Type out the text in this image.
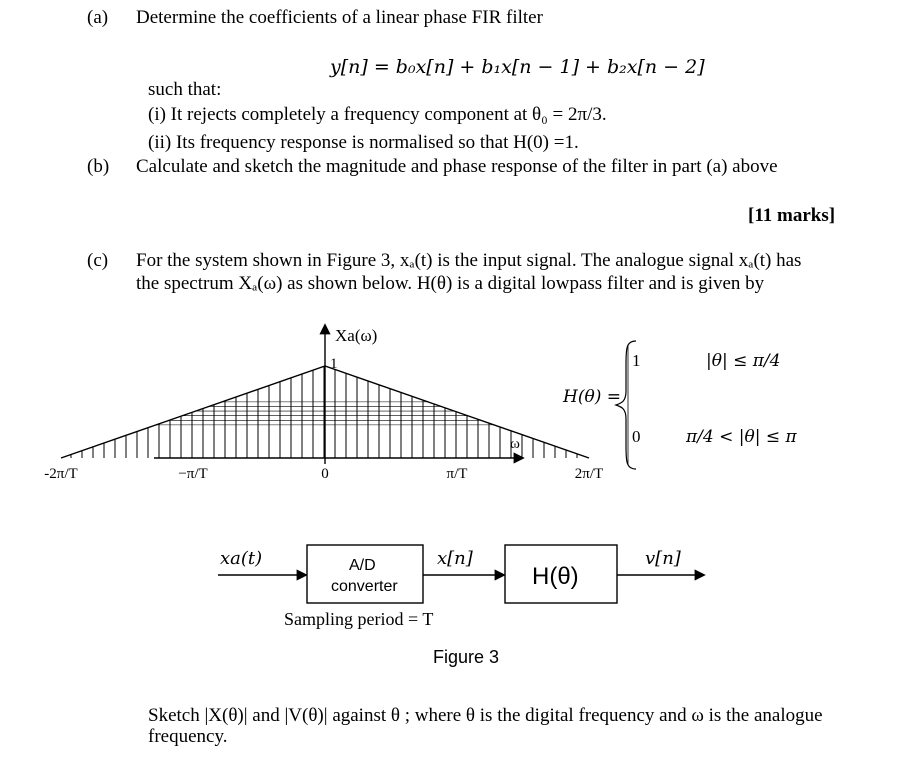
(a) Determine the coefficients of a linear phase FIR filter
y[n] = b₀x[n] + b₁x[n − 1] + b₂x[n − 2]
such that:
(i) It rejects completely a frequency component at θ₀ = 2π/3.
(ii) Its frequency response is normalised so that H(0) =1.
(b) Calculate and sketch the magnitude and phase response of the filter in part (a) above
[11 marks]
(c) For the system shown in Figure 3, xₐ(t) is the input signal. The analogue signal xₐ(t) has
the spectrum Xₐ(ω) as shown below. H(θ) is a digital lowpass filter and is given by
Xa(ω)
1
ω
-2π/T	−π/T	0	π/T	2π/T
H(θ) =
1	|θ| ≤ π/4
0	π/4 < |θ| ≤ π
xa(t)	A/D
converter
x[n]
H(θ)
v[n]
Sampling period = T
Figure 3
Sketch |X(θ)| and |V(θ)| against θ ; where θ is the digital frequency and ω is the analogue
frequency.
